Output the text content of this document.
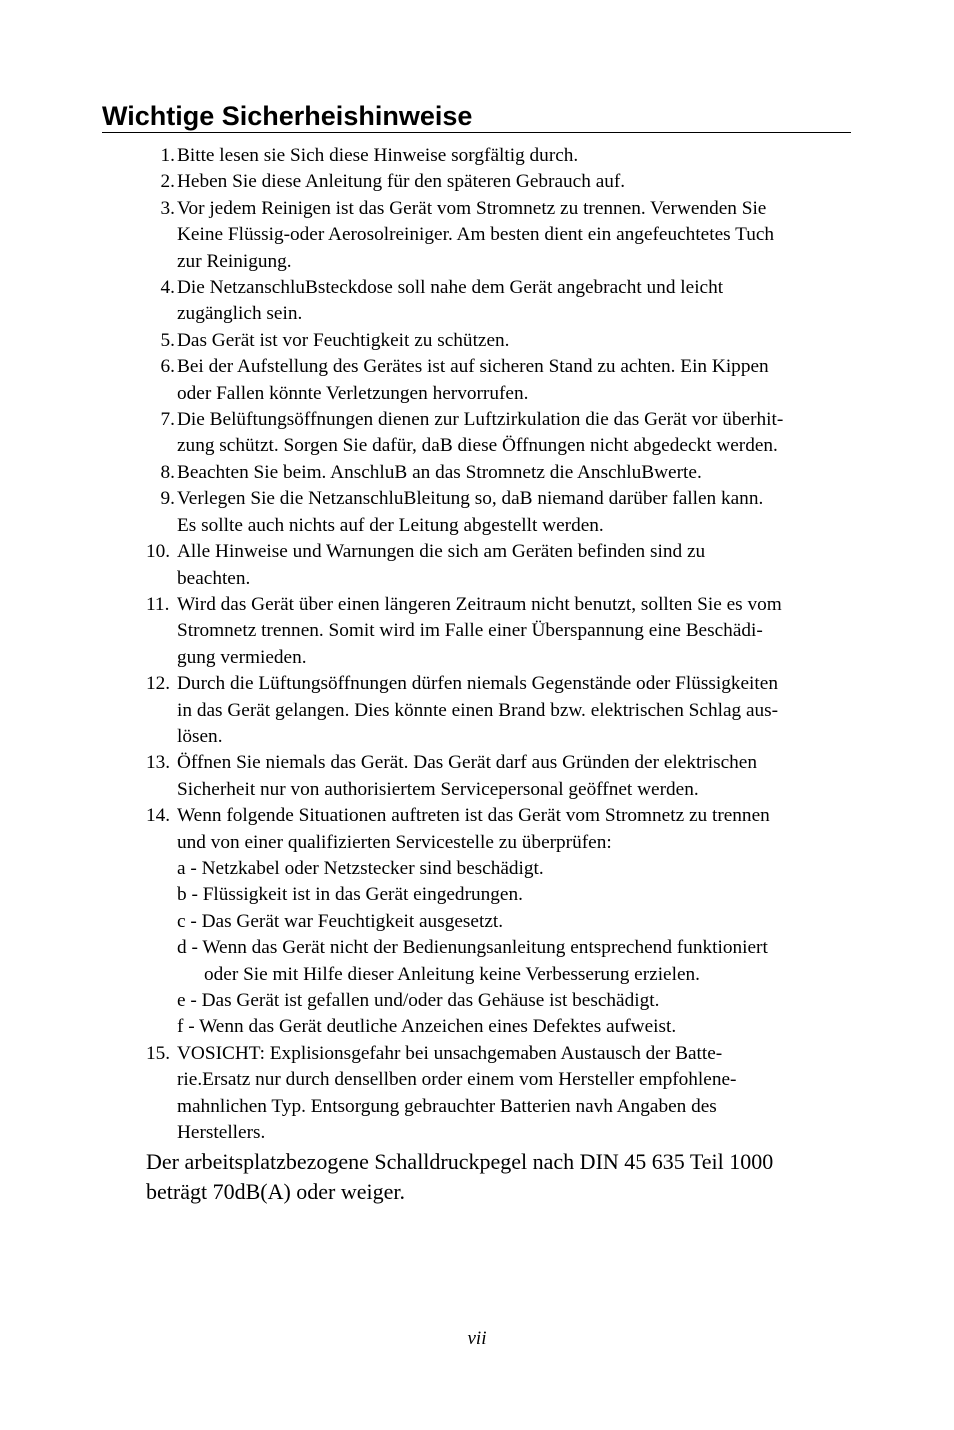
Wichtige Sicherheishinweise
1. Bitte lesen sie Sich diese Hinweise sorgfältig durch.
2. Heben Sie diese Anleitung für den späteren Gebrauch auf.
3. Vor jedem Reinigen ist das Gerät vom Stromnetz zu trennen. Verwenden Sie
Keine Flüssig-oder Aerosolreiniger. Am besten dient ein angefeuchtetes Tuch
zur Reinigung.
4. Die NetzanschluBsteckdose soll nahe dem Gerät angebracht und leicht
zugänglich sein.
5. Das Gerät ist vor Feuchtigkeit zu schützen.
6. Bei der Aufstellung des Gerätes ist auf sicheren Stand zu achten. Ein Kippen
oder Fallen könnte Verletzungen hervorrufen.
7. Die Belüftungsöffnungen dienen zur Luftzirkulation die das Gerät vor überhit-
zung schützt. Sorgen Sie dafür, daB diese Öffnungen nicht abgedeckt werden.
8. Beachten Sie beim. AnschluB an das Stromnetz die AnschluBwerte.
9. Verlegen Sie die NetzanschluBleitung so, daB niemand darüber fallen kann.
Es sollte auch nichts auf der Leitung abgestellt werden.
10. Alle Hinweise und Warnungen die sich am Geräten befinden sind zu
beachten.
11. Wird das Gerät über einen längeren Zeitraum nicht benutzt, sollten Sie es vom
Stromnetz trennen. Somit wird im Falle einer Überspannung eine Beschädi-
gung vermieden.
12. Durch die Lüftungsöffnungen dürfen niemals Gegenstände oder Flüssigkeiten
in das Gerät gelangen. Dies könnte einen Brand bzw. elektrischen Schlag aus-
lösen.
13. Öffnen Sie niemals das Gerät. Das Gerät darf aus Gründen der elektrischen
Sicherheit nur von authorisiertem Servicepersonal geöffnet werden.
14. Wenn folgende Situationen auftreten ist das Gerät vom Stromnetz zu trennen
und von einer qualifizierten Servicestelle zu überprüfen:
a - Netzkabel oder Netzstecker sind beschädigt.
b - Flüssigkeit ist in das Gerät eingedrungen.
c - Das Gerät war Feuchtigkeit ausgesetzt.
d - Wenn das Gerät nicht der Bedienungsanleitung entsprechend funktioniert
oder Sie mit Hilfe dieser Anleitung keine Verbesserung erzielen.
e - Das Gerät ist gefallen und/oder das Gehäuse ist beschädigt.
f - Wenn das Gerät deutliche Anzeichen eines Defektes aufweist.
15. VOSICHT: Explisionsgefahr bei unsachgemaben Austausch der Batte-
rie.Ersatz nur durch densellben order einem vom Hersteller empfohlene-
mahnlichen Typ. Entsorgung gebrauchter Batterien navh Angaben des
Herstellers.
Der arbeitsplatzbezogene Schalldruckpegel nach DIN 45 635 Teil 1000
beträgt 70dB(A) oder weiger.
vii
